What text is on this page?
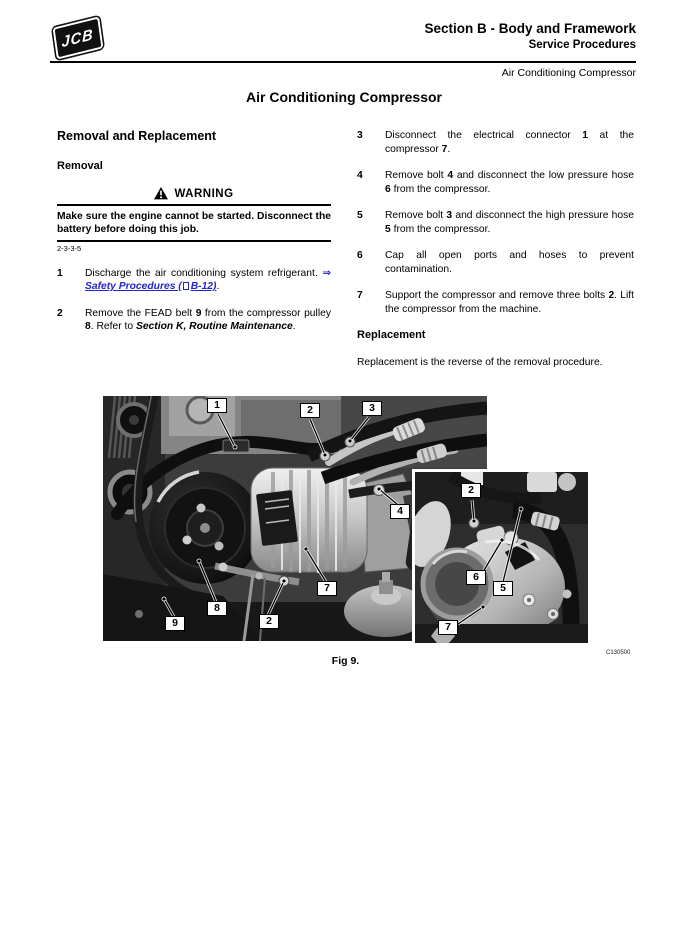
JCB	Section B - Body and Framework
Service Procedures
Air Conditioning Compressor
Air Conditioning Compressor
Removal and Replacement
Removal
WARNING

Make sure the engine cannot be started. Disconnect the battery before doing this job.

2-3-3-5
1	Discharge the air conditioning system refrigerant. ⇒ Safety Procedures ( B-12).
2	Remove the FEAD belt 9 from the compressor pulley 8. Refer to Section K, Routine Maintenance.
3	Disconnect the electrical connector 1 at the compressor 7.
4	Remove bolt 4 and disconnect the low pressure hose 6 from the compressor.
5	Remove bolt 3 and disconnect the high pressure hose 5 from the compressor.
6	Cap all open ports and hoses to prevent contamination.
7	Support the compressor and remove three bolts 2. Lift the compressor from the machine.
Replacement

Replacement is the reverse of the removal procedure.

1	2	3
4
7
8
9	2
2
6
5
7
Fig 9.
C130500
